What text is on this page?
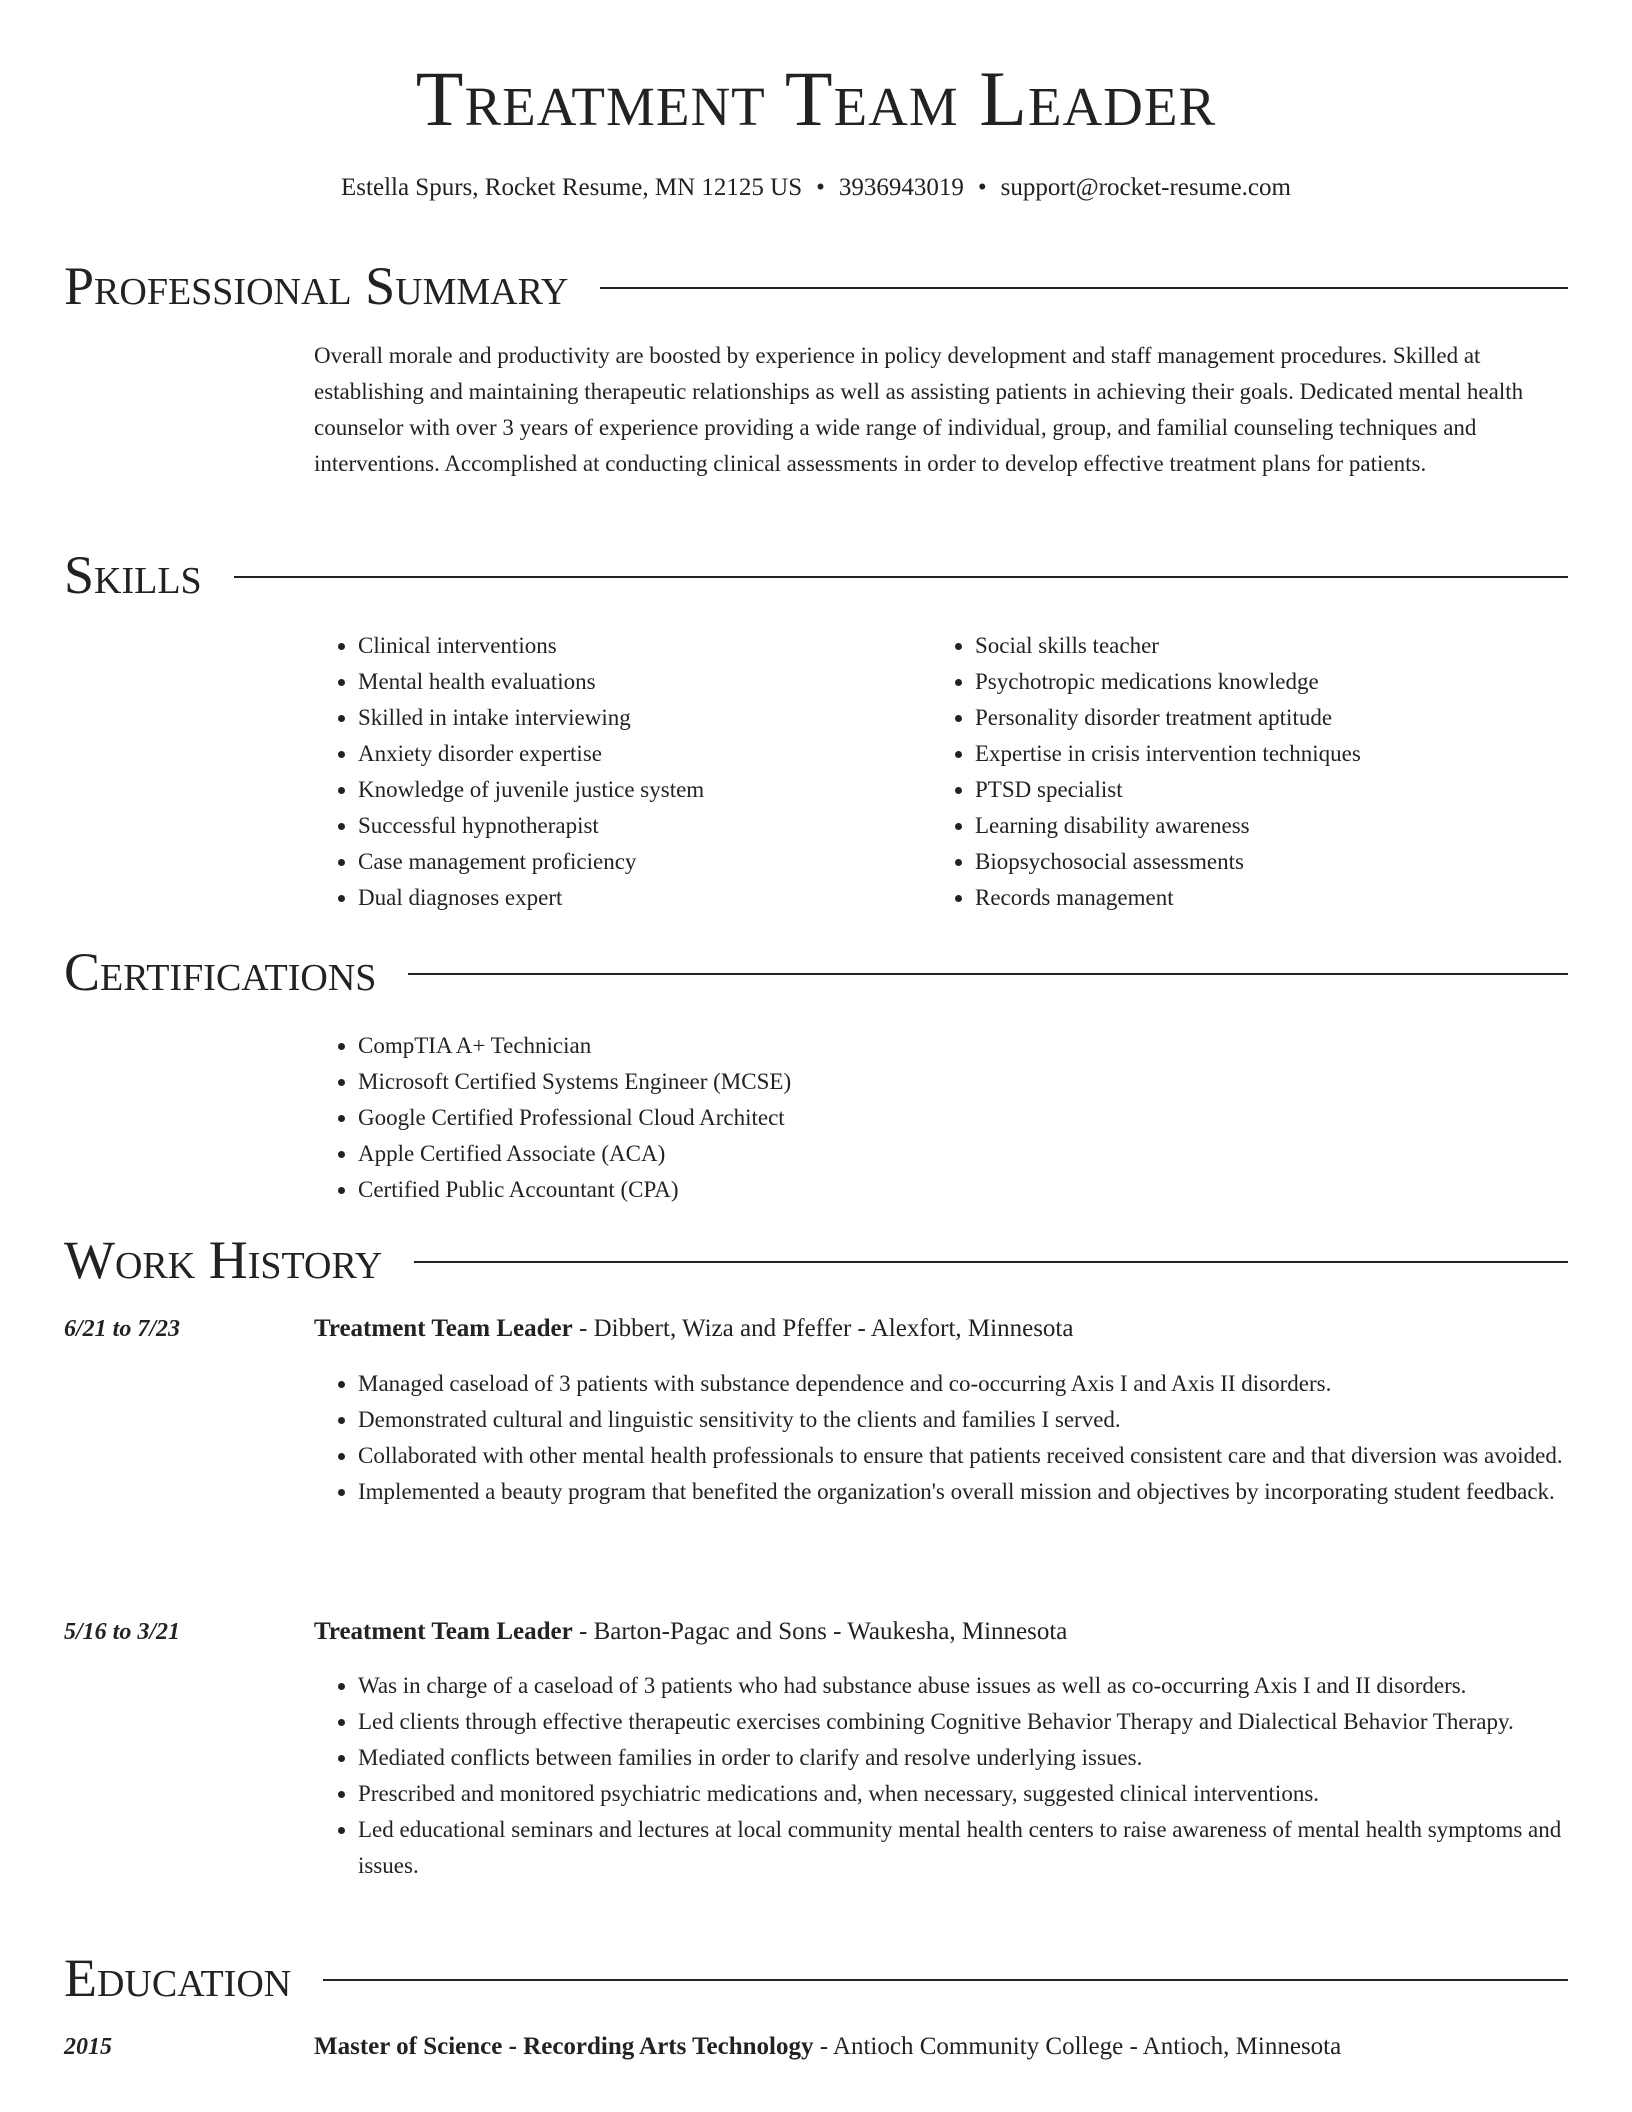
Treatment Team Leader
Estella Spurs, Rocket Resume, MN 12125 US • 3936943019 • support@rocket-resume.com
Professional Summary
Overall morale and productivity are boosted by experience in policy development and staff management procedures. Skilled at establishing and maintaining therapeutic relationships as well as assisting patients in achieving their goals. Dedicated mental health counselor with over 3 years of experience providing a wide range of individual, group, and familial counseling techniques and interventions. Accomplished at conducting clinical assessments in order to develop effective treatment plans for patients.
Skills
• Clinical interventions
• Mental health evaluations
• Skilled in intake interviewing
• Anxiety disorder expertise
• Knowledge of juvenile justice system
• Successful hypnotherapist
• Case management proficiency
• Dual diagnoses expert
• Social skills teacher
• Psychotropic medications knowledge
• Personality disorder treatment aptitude
• Expertise in crisis intervention techniques
• PTSD specialist
• Learning disability awareness
• Biopsychosocial assessments
• Records management
Certifications
• CompTIA A+ Technician
• Microsoft Certified Systems Engineer (MCSE)
• Google Certified Professional Cloud Architect
• Apple Certified Associate (ACA)
• Certified Public Accountant (CPA)
Work History
6/21 to 7/23	Treatment Team Leader - Dibbert, Wiza and Pfeffer - Alexfort, Minnesota
• Managed caseload of 3 patients with substance dependence and co-occurring Axis I and Axis II disorders.
• Demonstrated cultural and linguistic sensitivity to the clients and families I served.
• Collaborated with other mental health professionals to ensure that patients received consistent care and that diversion was avoided.
• Implemented a beauty program that benefited the organization's overall mission and objectives by incorporating student feedback.
5/16 to 3/21	Treatment Team Leader - Barton-Pagac and Sons - Waukesha, Minnesota
• Was in charge of a caseload of 3 patients who had substance abuse issues as well as co-occurring Axis I and II disorders.
• Led clients through effective therapeutic exercises combining Cognitive Behavior Therapy and Dialectical Behavior Therapy.
• Mediated conflicts between families in order to clarify and resolve underlying issues.
• Prescribed and monitored psychiatric medications and, when necessary, suggested clinical interventions.
• Led educational seminars and lectures at local community mental health centers to raise awareness of mental health symptoms and issues.
Education
2015	Master of Science - Recording Arts Technology - Antioch Community College - Antioch, Minnesota
